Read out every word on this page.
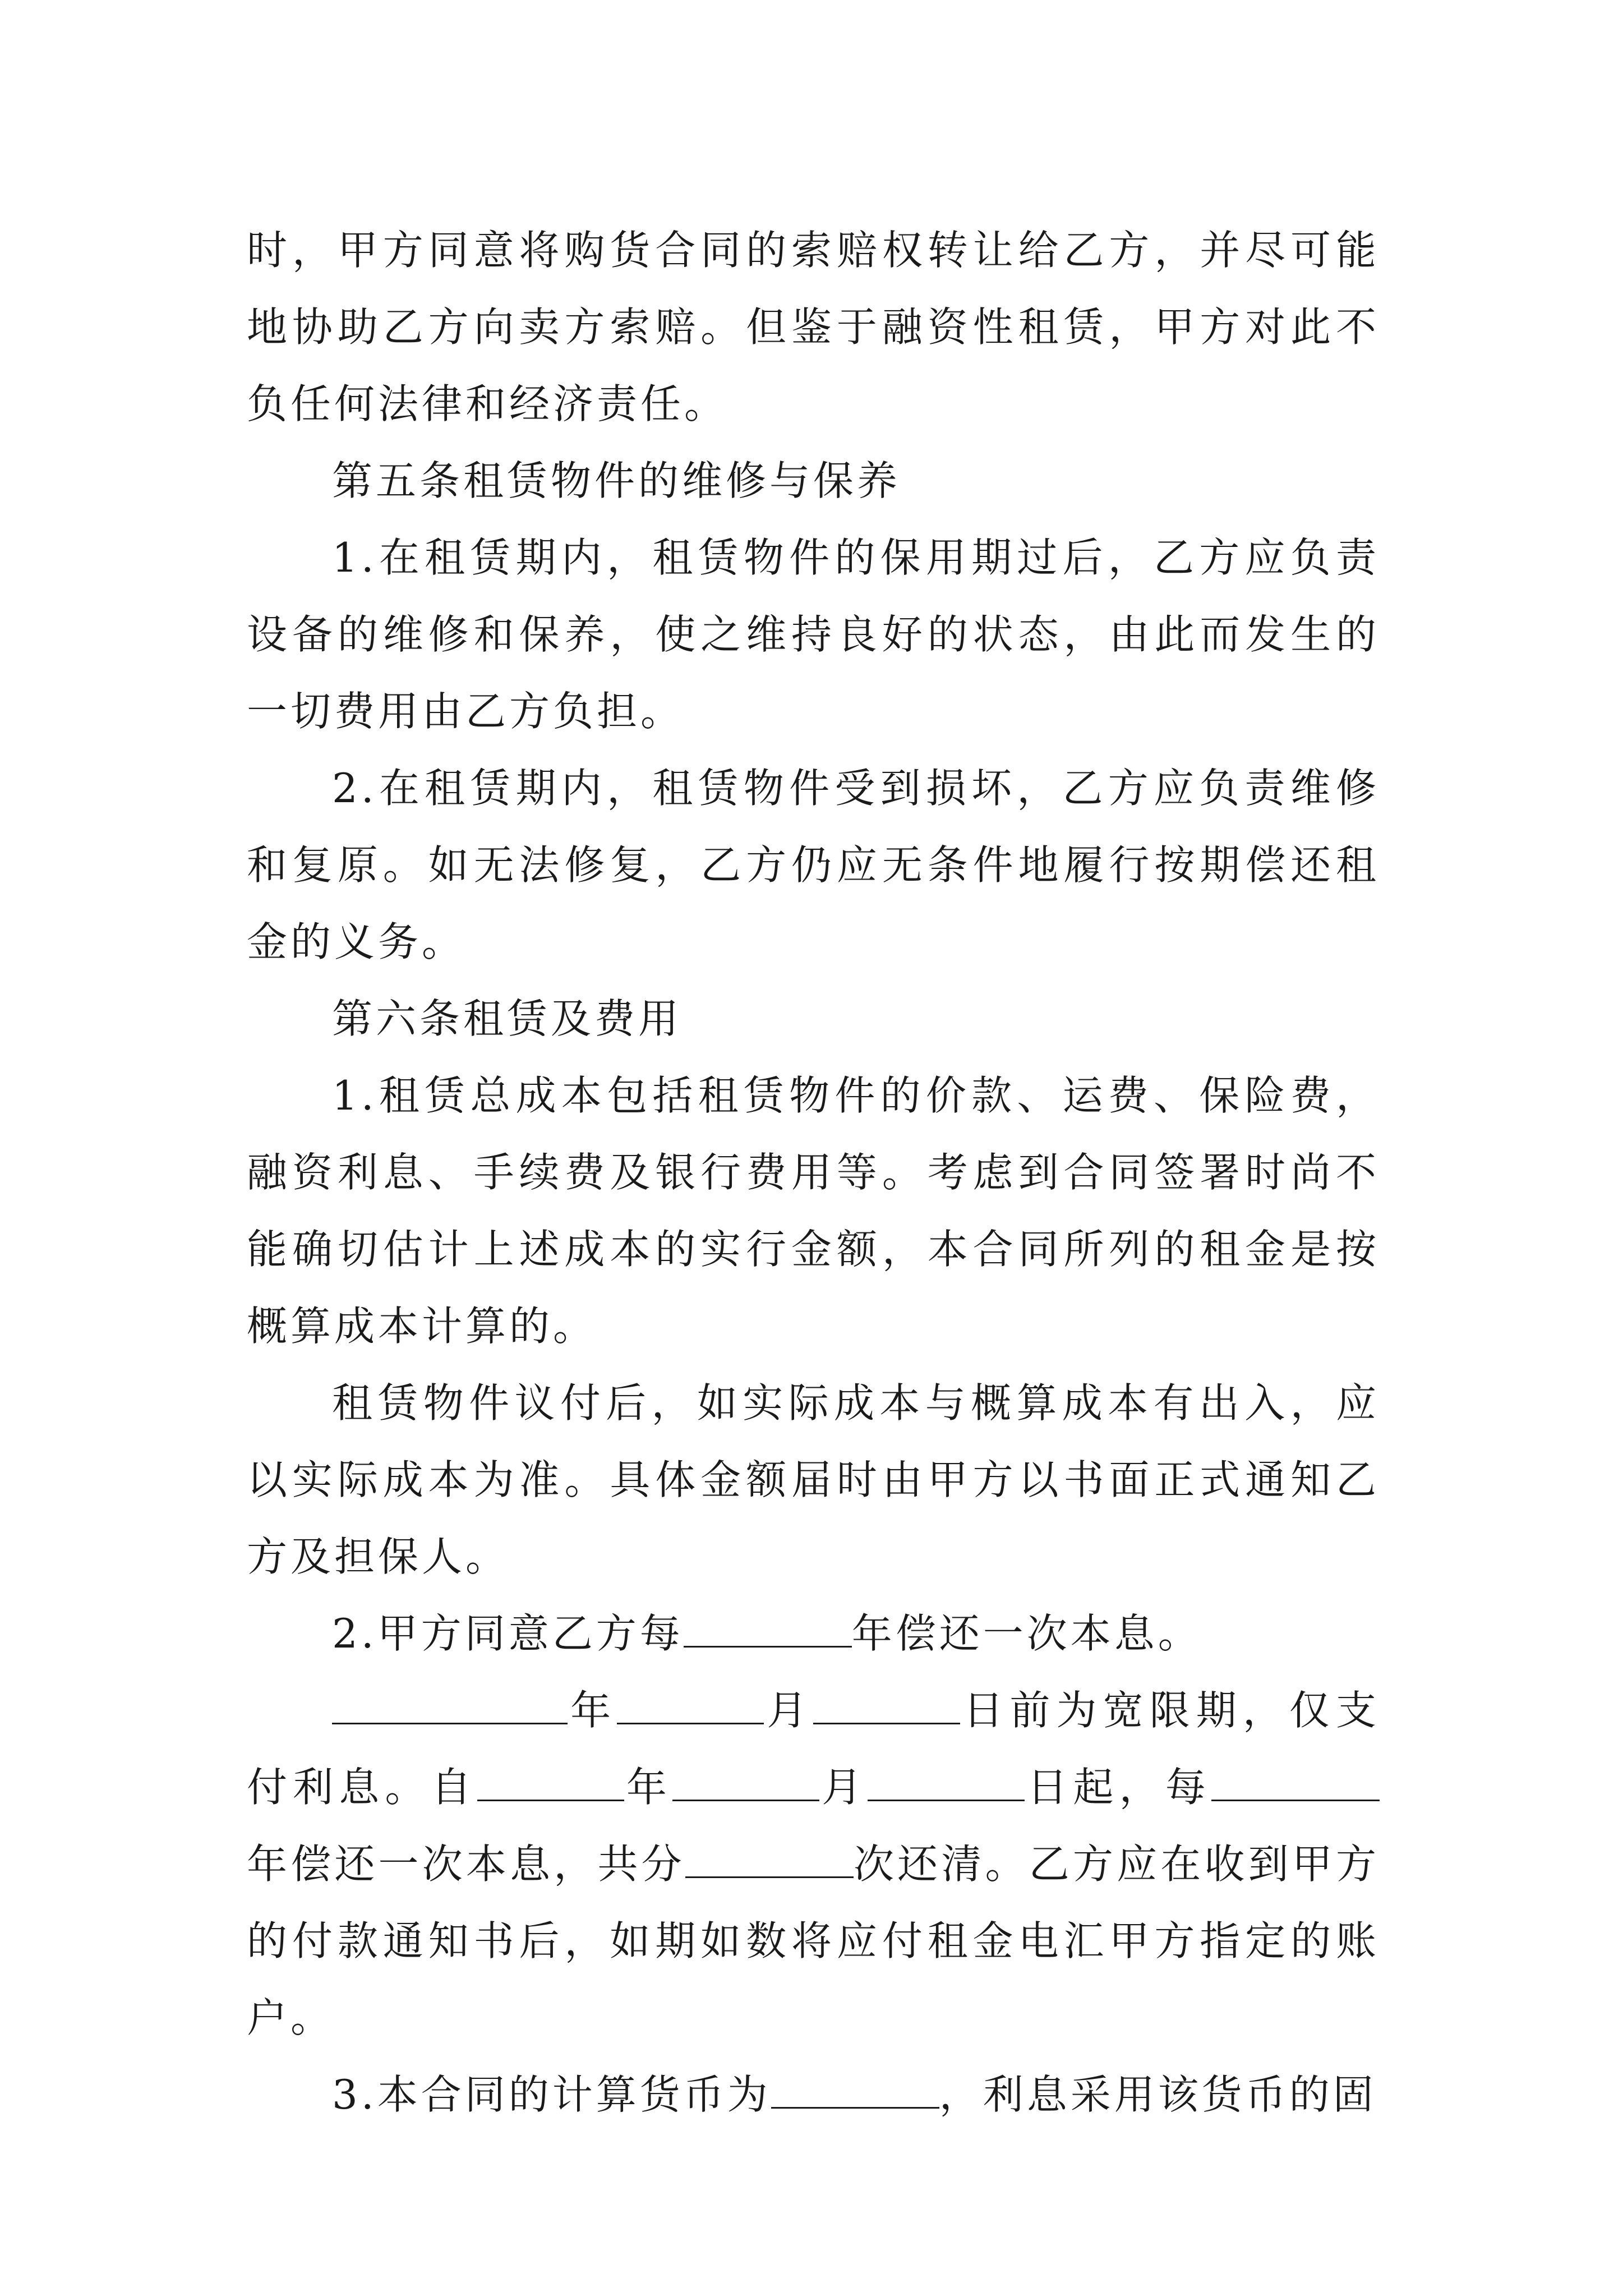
时，甲方同意将购货合同的索赔权转让给乙方，并尽可能地协助乙方向卖方索赔。但鉴于融资性租赁，甲方对此不负任何法律和经济责任。

第五条租赁物件的维修与保养

1.在租赁期内，租赁物件的保用期过后，乙方应负责设备的维修和保养，使之维持良好的状态，由此而发生的一切费用由乙方负担。

2.在租赁期内，租赁物件受到损坏，乙方应负责维修和复原。如无法修复，乙方仍应无条件地履行按期偿还租金的义务。

第六条租赁及费用

1.租赁总成本包括租赁物件的价款、运费、保险费，融资利息、手续费及银行费用等。考虑到合同签署时尚不能确切估计上述成本的实行金额，本合同所列的租金是按概算成本计算的。

租赁物件议付后，如实际成本与概算成本有出入，应以实际成本为准。具体金额届时由甲方以书面正式通知乙方及担保人。

2.甲方同意乙方每	年偿还一次本息。

年	月	日前为宽限期，仅支付利息。自	年	月	日起，每年偿还一次本息，共分	次还清。乙方应在收到甲方的付款通知书后，如期如数将应付租金电汇甲方指定的账户。

3.本合同的计算货币为	，利息采用该货币的固
